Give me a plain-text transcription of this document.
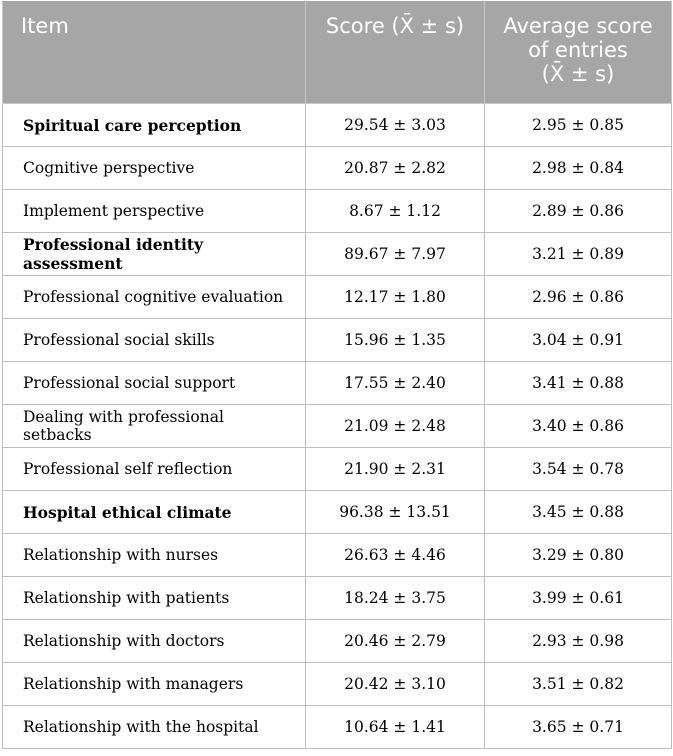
Item	Score (X̄ ± s)	Average score
of entries
(X̄ ± s)
Spiritual care perception	29.54 ± 3.03	2.95 ± 0.85
Cognitive perspective	20.87 ± 2.82	2.98 ± 0.84
Implement perspective	8.67 ± 1.12	2.89 ± 0.86
Professional identity assessment	89.67 ± 7.97	3.21 ± 0.89
Professional cognitive evaluation	12.17 ± 1.80	2.96 ± 0.86
Professional social skills	15.96 ± 1.35	3.04 ± 0.91
Professional social support	17.55 ± 2.40	3.41 ± 0.88
Dealing with professional setbacks	21.09 ± 2.48	3.40 ± 0.86
Professional self reflection	21.90 ± 2.31	3.54 ± 0.78
Hospital ethical climate	96.38 ± 13.51	3.45 ± 0.88
Relationship with nurses	26.63 ± 4.46	3.29 ± 0.80
Relationship with patients	18.24 ± 3.75	3.99 ± 0.61
Relationship with doctors	20.46 ± 2.79	2.93 ± 0.98
Relationship with managers	20.42 ± 3.10	3.51 ± 0.82
Relationship with the hospital	10.64 ± 1.41	3.65 ± 0.71
